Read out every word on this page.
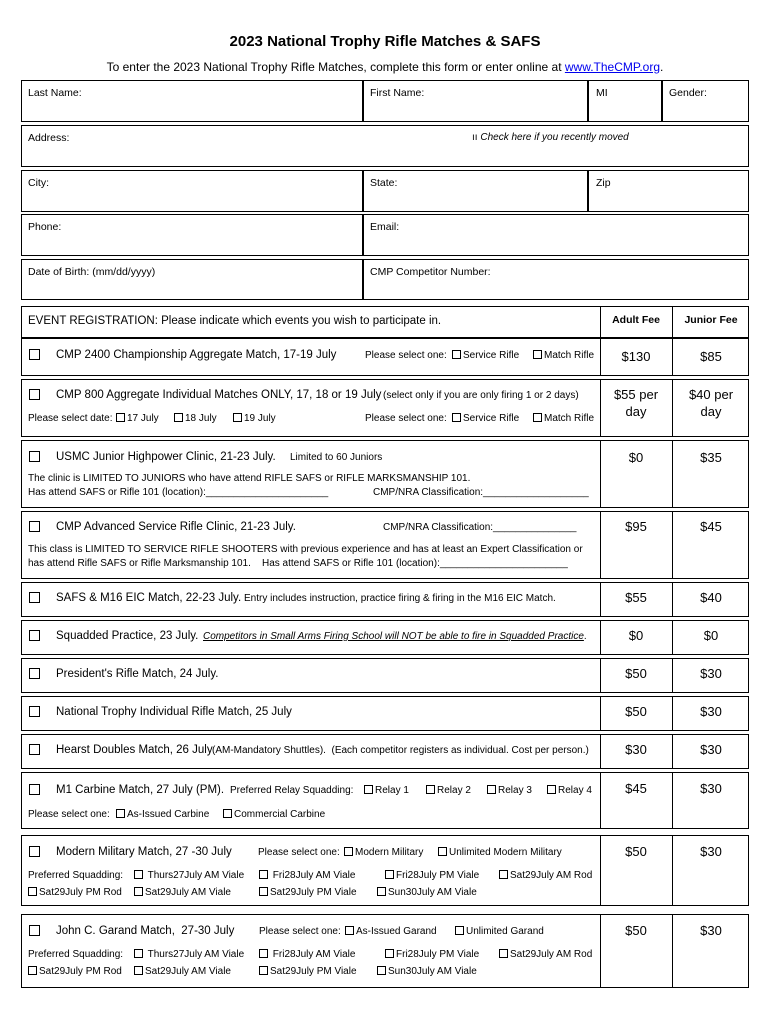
2023 National Trophy Rifle Matches & SAFS
To enter the 2023 National Trophy Rifle Matches, complete this form or enter online at www.TheCMP.org.
Last Name:	First Name:	MI	Gender:
Address:	ıı Check here if you recently moved
City:	State:	Zip
Phone:	Email:
Date of Birth: (mm/dd/yyyy)	CMP Competitor Number:
EVENT REGISTRATION: Please indicate which events you wish to participate in.	Adult Fee	Junior Fee
CMP 2400 Championship Aggregate Match, 17-19 July	Please select one:	Service Rifle	Match Rifle	$130	$85
CMP 800 Aggregate Individual Matches ONLY, 17, 18 or 19 July (select only if you are only firing 1 or 2 days)
Please select date:	17 July	18 July	19 July	Please select one:	Service Rifle	Match Rifle
$55 per
day
$40 per
day
USMC Junior Highpower Clinic, 21-23 July. Limited to 60 Juniors
The clinic is LIMITED TO JUNIORS who have attend RIFLE SAFS or RIFLE MARKSMANSHIP 101.
Has attend SAFS or Rifle 101 (location):______________________	CMP/NRA Classification:___________________
$0	$35
CMP Advanced Service Rifle Clinic, 21-23 July.	CMP/NRA Classification:_______________
This class is LIMITED TO SERVICE RIFLE SHOOTERS with previous experience and has at least an Expert Classification or
has attend Rifle SAFS or Rifle Marksmanship 101.    Has attend SAFS or Rifle 101 (location):_______________________
$95	$45
SAFS & M16 EIC Match, 22-23 July. Entry includes instruction, practice firing & firing in the M16 EIC Match.	$55	$40
Squadded Practice, 23 July. Competitors in Small Arms Firing School will NOT be able to fire in Squadded Practice.	$0	$0
President's Rifle Match, 24 July.	$50	$30
National Trophy Individual Rifle Match, 25 July	$50	$30
Hearst Doubles Match, 26 July (AM-Mandatory Shuttles).  (Each competitor registers as individual. Cost per person.)	$30	$30
M1 Carbine Match, 27 July (PM). Preferred Relay Squadding:	Relay 1	Relay 2	Relay 3	Relay 4
Please select one:	As-Issued Carbine	Commercial Carbine
$45	$30
Modern Military Match, 27 -30 July	Please select one:	Modern Military	Unlimited Modern Military
Preferred Squadding:	Thurs27July AM Viale	Fri28July AM Viale	Fri28July PM Viale	Sat29July AM Rod
Sat29July PM Rod	Sat29July AM Viale	Sat29July PM Viale	Sun30July AM Viale
$50	$30
John C. Garand Match,  27-30 July Please select one:	As-Issued Garand	Unlimited Garand
Preferred Squadding:	Thurs27July AM Viale	Fri28July AM Viale	Fri28July PM Viale	Sat29July AM Rod
Sat29July PM Rod	Sat29July AM Viale	Sat29July PM Viale	Sun30July AM Viale
$50	$30
